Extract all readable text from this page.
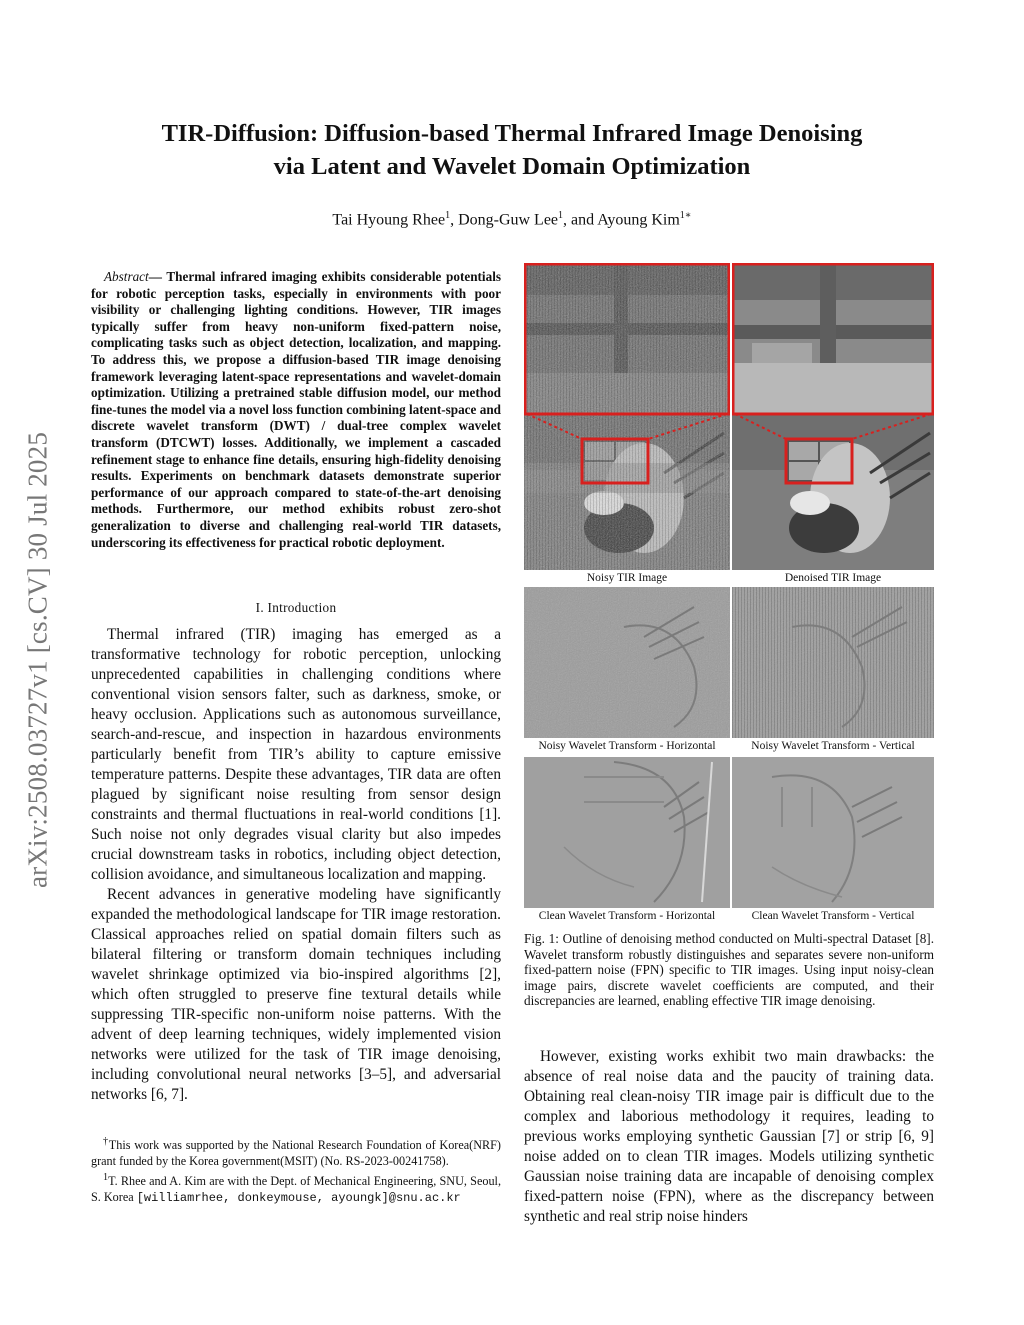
TIR-Diffusion: Diffusion-based Thermal Infrared Image Denoising
via Latent and Wavelet Domain Optimization
Tai Hyoung Rhee$^1$, Dong-Guw Lee$^1$, and Ayoung Kim$^{1∗}$
arXiv:2508.03727v1 [cs.CV] 30 Jul 2025
Abstract— Thermal infrared imaging exhibits considerable potentials for robotic perception tasks, especially in environments with poor visibility or challenging lighting conditions. However, TIR images typically suffer from heavy non-uniform fixed-pattern noise, complicating tasks such as object detection, localization, and mapping. To address this, we propose a diffusion-based TIR image denoising framework leveraging latent-space representations and wavelet-domain optimization. Utilizing a pretrained stable diffusion model, our method fine-tunes the model via a novel loss function combining latent-space and discrete wavelet transform (DWT) / dual-tree complex wavelet transform (DTCWT) losses. Additionally, we implement a cascaded refinement stage to enhance fine details, ensuring high-fidelity denoising results. Experiments on benchmark datasets demonstrate superior performance of our approach compared to state-of-the-art denoising methods. Furthermore, our method exhibits robust zero-shot generalization to diverse and challenging real-world TIR datasets, underscoring its effectiveness for practical robotic deployment.
I. Introduction

Thermal infrared (TIR) imaging has emerged as a transformative technology for robotic perception, unlocking unprecedented capabilities in challenging conditions where conventional vision sensors falter, such as darkness, smoke, or heavy occlusion. Applications such as autonomous surveillance, search-and-rescue, and inspection in hazardous environments particularly benefit from TIR’s ability to capture emissive temperature patterns. Despite these advantages, TIR data are often plagued by significant noise resulting from sensor design constraints and thermal fluctuations in real-world conditions [1]. Such noise not only degrades visual clarity but also impedes crucial downstream tasks in robotics, including object detection, collision avoidance, and simultaneous localization and mapping.

Recent advances in generative modeling have significantly expanded the methodological landscape for TIR image restoration. Classical approaches relied on spatial domain filters such as bilateral filtering or transform domain techniques including wavelet shrinkage optimized via bio-inspired algorithms [2], which often struggled to preserve fine textural details while suppressing TIR-specific non-uniform noise patterns. With the advent of deep learning techniques, widely implemented vision networks were utilized for the task of TIR image denoising, including convolutional neural networks [3–5], and adversarial networks [6, 7].

†This work was supported by the National Research Foundation of Korea(NRF) grant funded by the Korea government(MSIT) (No. RS-2023-00241758).

$^1$T. Rhee and A. Kim are with the Dept. of Mechanical Engineering, SNU, Seoul, S. Korea [williamrhee, donkeymouse, ayoungk]@snu.ac.kr

Noisy TIR Image	Denoised TIR Image
Noisy Wavelet Transform - Horizontal	Noisy Wavelet Transform - Vertical
Clean Wavelet Transform - Horizontal	Clean Wavelet Transform - Vertical
Fig. 1: Outline of denoising method conducted on Multi-spectral Dataset [8]. Wavelet transform robustly distinguishes and separates severe non-uniform fixed-pattern noise (FPN) specific to TIR images. Using input noisy-clean image pairs, discrete wavelet coefficients are computed, and their discrepancies are learned, enabling effective TIR image denoising.

However, existing works exhibit two main drawbacks: the absence of real noise data and the paucity of training data. Obtaining real clean-noisy TIR image pair is difficult due to the complex and laborious methodology it requires, leading to previous works employing synthetic Gaussian [7] or strip [6, 9] noise added on to clean TIR images. Models utilizing synthetic Gaussian noise training data are incapable of denoising complex fixed-pattern noise (FPN), where as the discrepancy between synthetic and real strip noise hinders
